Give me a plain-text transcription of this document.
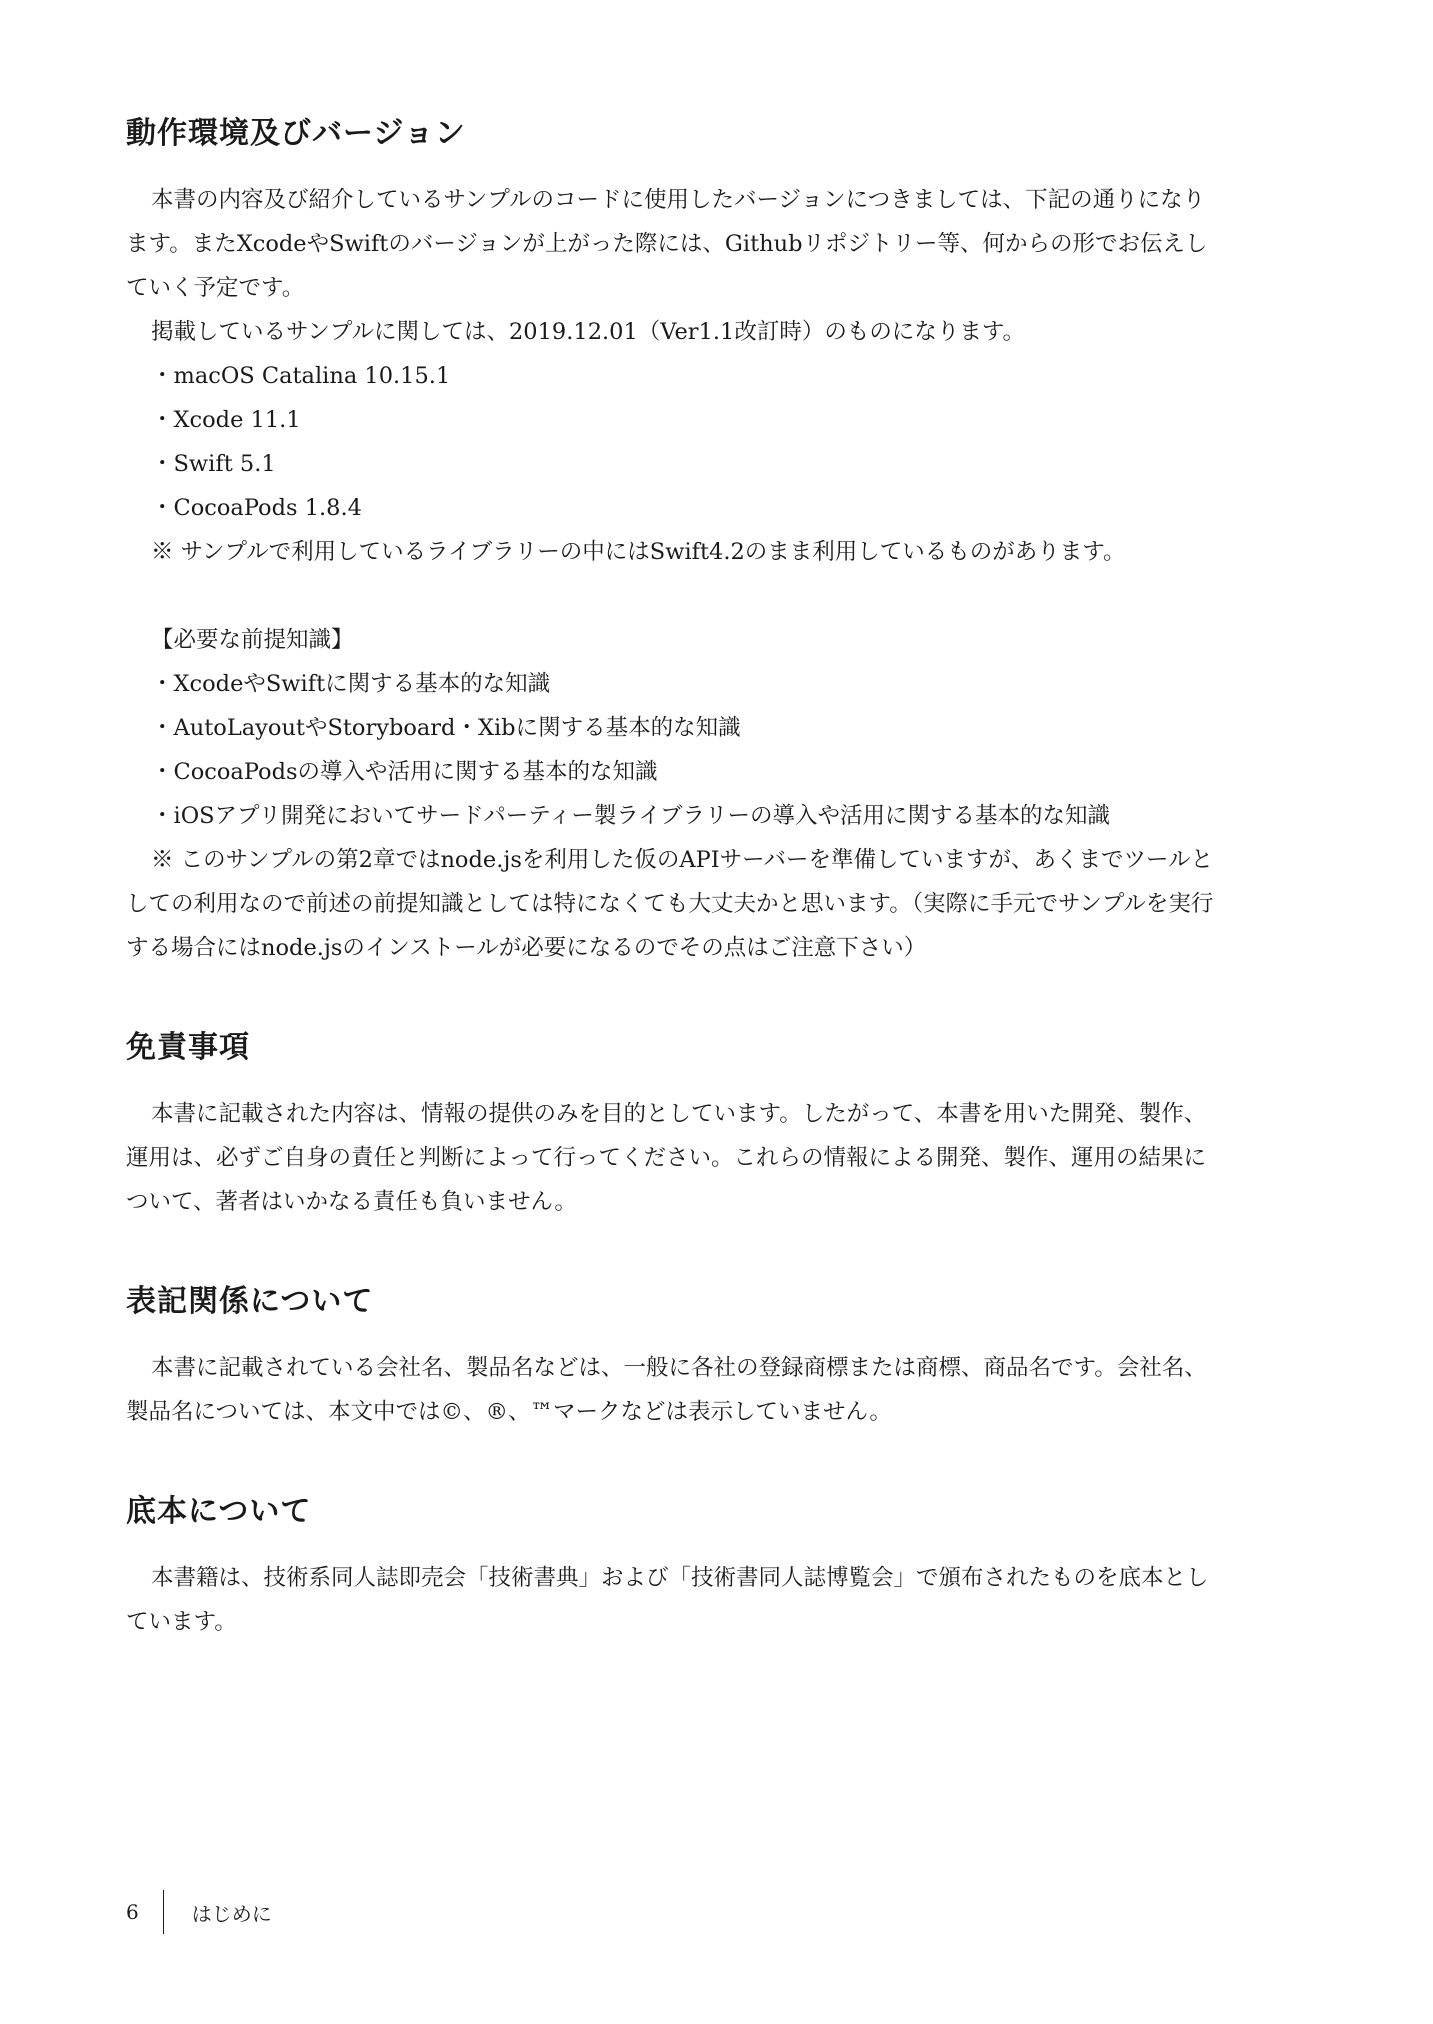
動作環境及びバージョン

本書の内容及び紹介しているサンプルのコードに使用したバージョンにつきましては、下記の通りになります。またXcodeやSwiftのバージョンが上がった際には、Githubリポジトリー等、何からの形でお伝えしていく予定です。

掲載しているサンプルに関しては、2019.12.01（Ver1.1改訂時）のものになります。

・macOS Catalina 10.15.1

・Xcode 11.1

・Swift 5.1

・CocoaPods 1.8.4

※ サンプルで利用しているライブラリーの中にはSwift4.2のまま利用しているものがあります。

【必要な前提知識】

・XcodeやSwiftに関する基本的な知識

・AutoLayoutやStoryboard・Xibに関する基本的な知識

・CocoaPodsの導入や活用に関する基本的な知識

・iOSアプリ開発においてサードパーティー製ライブラリーの導入や活用に関する基本的な知識

※ このサンプルの第2章ではnode.jsを利用した仮のAPIサーバーを準備していますが、あくまでツールとしての利用なので前述の前提知識としては特になくても大丈夫かと思います。（実際に手元でサンプルを実行する場合にはnode.jsのインストールが必要になるのでその点はご注意下さい）

免責事項

本書に記載された内容は、情報の提供のみを目的としています。したがって、本書を用いた開発、製作、運用は、必ずご自身の責任と判断によって行ってください。これらの情報による開発、製作、運用の結果について、著者はいかなる責任も負いません。

表記関係について

本書に記載されている会社名、製品名などは、一般に各社の登録商標または商標、商品名です。会社名、製品名については、本文中では©、®、™マークなどは表示していません。

底本について

本書籍は、技術系同人誌即売会「技術書典」および「技術書同人誌博覧会」で頒布されたものを底本としています。

6	はじめに
